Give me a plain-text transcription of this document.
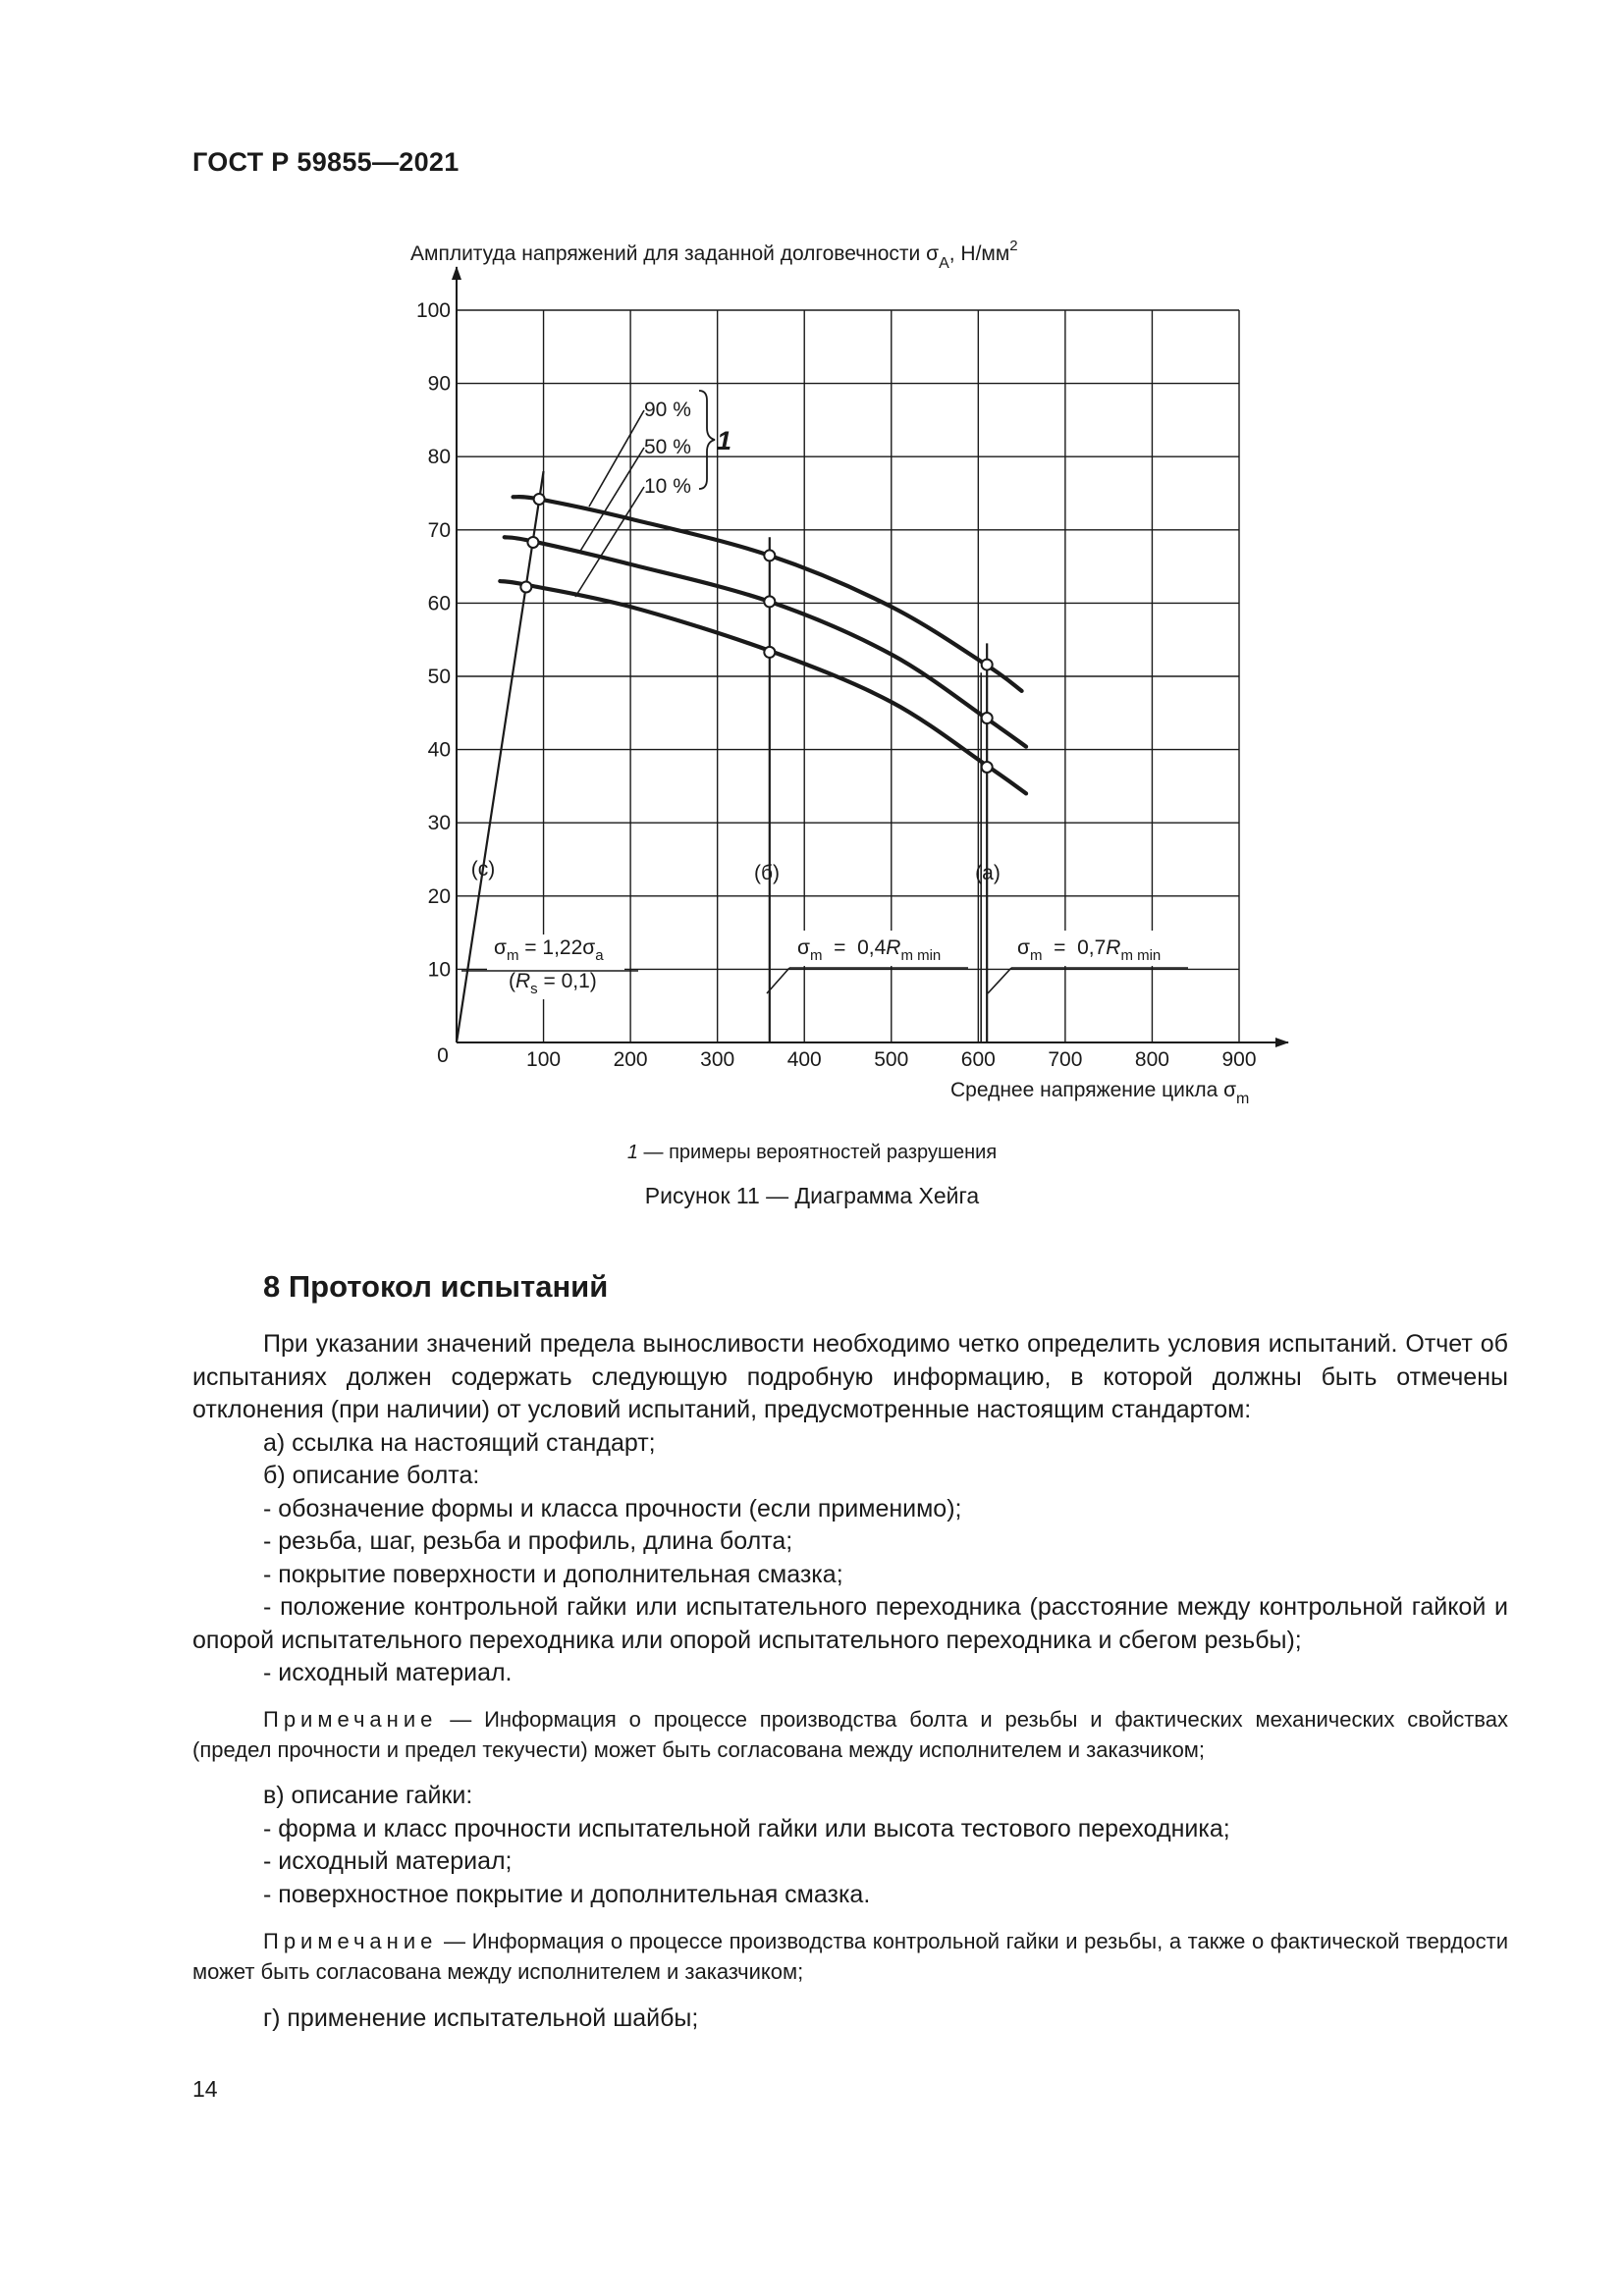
ГОСТ Р 59855—2021
100	200	300	400	500	600	700	800	900
10
20
30
40
50
60
70
80
90
100
Амплитуда напряжений для заданной долговечности $\sigma_A$, $Н/мм^2$
Среднее напряжение цикла $\sigma_m$
0
90 %
50 %
10 %
1
(c)	(б)	(а)
$\sigma_m = 1,22\sigma_a$
$(R_s = 0,1)$
$\sigma_m = 0,4R_{m min}$	$\sigma_m = 0,7R_{m min}$
1 — примеры вероятностей разрушения
Рисунок 11 — Диаграмма Хейга
8 Протокол испытаний

При указании значений предела выносливости необходимо четко определить условия испытаний. Отчет об испытаниях должен содержать следующую подробную информацию, в которой должны быть отмечены отклонения (при наличии) от условий испытаний, предусмотренные настоящим стандартом:

а) ссылка на настоящий стандарт;

б) описание болта:

- обозначение формы и класса прочности (если применимо);

- резьба, шаг, резьба и профиль, длина болта;

- покрытие поверхности и дополнительная смазка;

- положение контрольной гайки или испытательного переходника (расстояние между контрольной гайкой и опорой испытательного переходника или опорой испытательного переходника и сбегом резьбы);

- исходный материал.

Примечание — Информация о процессе производства болта и резьбы и фактических механических свойствах (предел прочности и предел текучести) может быть согласована между исполнителем и заказчиком;

в) описание гайки:

- форма и класс прочности испытательной гайки или высота тестового переходника;

- исходный материал;

- поверхностное покрытие и дополнительная смазка.

Примечание — Информация о процессе производства контрольной гайки и резьбы, а также о фактической твердости может быть согласована между исполнителем и заказчиком;

г) применение испытательной шайбы;

14
